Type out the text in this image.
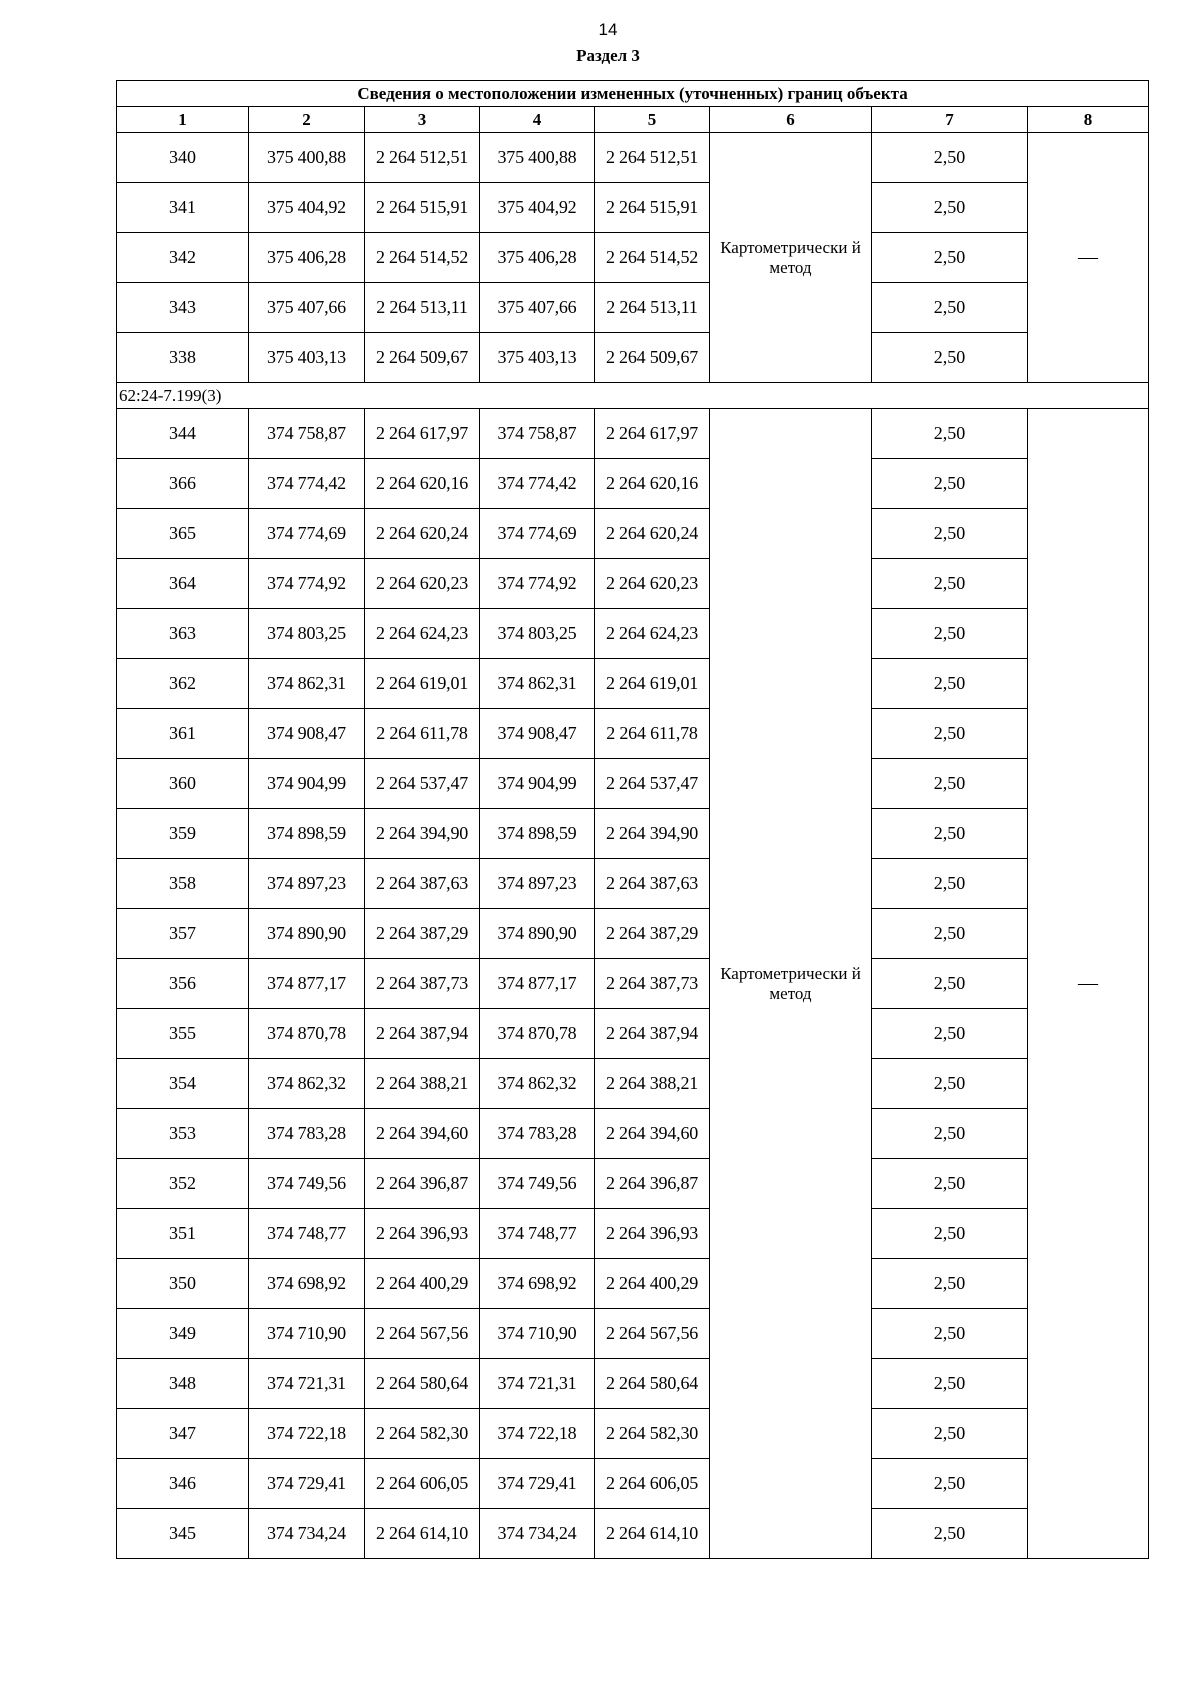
14
Раздел 3
Сведения о местоположении измененных (уточненных) границ объекта							
1	2	3	4	5	6	7	8
340	375 400,88	2 264 512,51	375 400,88	2 264 512,51	Картометрически й метод	2,50	—
341	375 404,92	2 264 515,91	375 404,92	2 264 515,91		2,50	
342	375 406,28	2 264 514,52	375 406,28	2 264 514,52		2,50	
343	375 407,66	2 264 513,11	375 407,66	2 264 513,11		2,50	
338	375 403,13	2 264 509,67	375 403,13	2 264 509,67		2,50	
62:24-7.199(3)							
344	374 758,87	2 264 617,97	374 758,87	2 264 617,97	Картометрически й метод	2,50	—
366	374 774,42	2 264 620,16	374 774,42	2 264 620,16		2,50	
365	374 774,69	2 264 620,24	374 774,69	2 264 620,24		2,50	
364	374 774,92	2 264 620,23	374 774,92	2 264 620,23		2,50	
363	374 803,25	2 264 624,23	374 803,25	2 264 624,23		2,50	
362	374 862,31	2 264 619,01	374 862,31	2 264 619,01		2,50	
361	374 908,47	2 264 611,78	374 908,47	2 264 611,78		2,50	
360	374 904,99	2 264 537,47	374 904,99	2 264 537,47		2,50	
359	374 898,59	2 264 394,90	374 898,59	2 264 394,90		2,50	
358	374 897,23	2 264 387,63	374 897,23	2 264 387,63		2,50	
357	374 890,90	2 264 387,29	374 890,90	2 264 387,29		2,50	
356	374 877,17	2 264 387,73	374 877,17	2 264 387,73		2,50	
355	374 870,78	2 264 387,94	374 870,78	2 264 387,94		2,50	
354	374 862,32	2 264 388,21	374 862,32	2 264 388,21		2,50	
353	374 783,28	2 264 394,60	374 783,28	2 264 394,60		2,50	
352	374 749,56	2 264 396,87	374 749,56	2 264 396,87		2,50	
351	374 748,77	2 264 396,93	374 748,77	2 264 396,93		2,50	
350	374 698,92	2 264 400,29	374 698,92	2 264 400,29		2,50	
349	374 710,90	2 264 567,56	374 710,90	2 264 567,56		2,50	
348	374 721,31	2 264 580,64	374 721,31	2 264 580,64		2,50	
347	374 722,18	2 264 582,30	374 722,18	2 264 582,30		2,50	
346	374 729,41	2 264 606,05	374 729,41	2 264 606,05		2,50	
345	374 734,24	2 264 614,10	374 734,24	2 264 614,10		2,50	
